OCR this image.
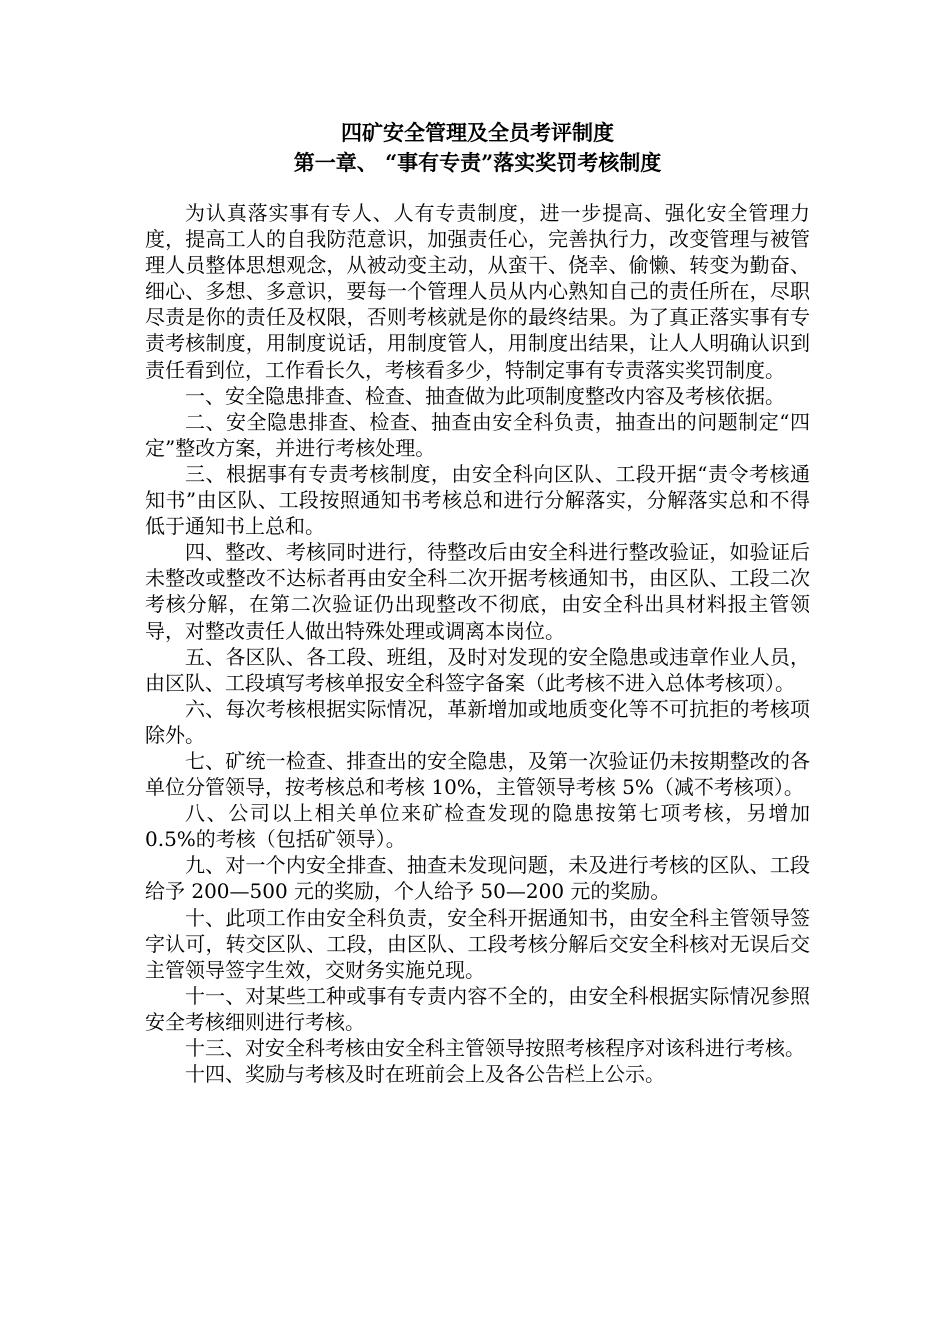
四矿安全管理及全员考评制度
第一章、 “事有专责”落实奖罚考核制度

为认真落实事有专人、人有专责制度，进一步提高、强化安全管理力度，提高工人的自我防范意识，加强责任心，完善执行力，改变管理与被管理人员整体思想观念，从被动变主动，从蛮干、侥幸、偷懒、转变为勤奋、细心、多想、多意识，要每一个管理人员从内心熟知自己的责任所在，尽职尽责是你的责任及权限，否则考核就是你的最终结果。为了真正落实事有专责考核制度，用制度说话，用制度管人，用制度出结果，让人人明确认识到责任看到位，工作看长久，考核看多少，特制定事有专责落实奖罚制度。

一、安全隐患排查、检查、抽查做为此项制度整改内容及考核依据。

二、安全隐患排查、检查、抽查由安全科负责，抽查出的问题制定“四定”整改方案，并进行考核处理。

三、根据事有专责考核制度，由安全科向区队、工段开据“责令考核通知书”由区队、工段按照通知书考核总和进行分解落实，分解落实总和不得低于通知书上总和。

四、整改、考核同时进行，待整改后由安全科进行整改验证，如验证后未整改或整改不达标者再由安全科二次开据考核通知书，由区队、工段二次考核分解，在第二次验证仍出现整改不彻底，由安全科出具材料报主管领导，对整改责任人做出特殊处理或调离本岗位。

五、各区队、各工段、班组，及时对发现的安全隐患或违章作业人员，由区队、工段填写考核单报安全科签字备案（此考核不进入总体考核项）。

六、每次考核根据实际情况，革新增加或地质变化等不可抗拒的考核项除外。

七、矿统一检查、排查出的安全隐患，及第一次验证仍未按期整改的各单位分管领导，按考核总和考核 10%，主管领导考核 5%（减不考核项）。

八、公司以上相关单位来矿检查发现的隐患按第七项考核，另增加 0.5%的考核（包括矿领导）。

九、对一个内安全排查、抽查未发现问题，未及进行考核的区队、工段给予 200—500 元的奖励，个人给予 50—200 元的奖励。

十、此项工作由安全科负责，安全科开据通知书，由安全科主管领导签字认可，转交区队、工段，由区队、工段考核分解后交安全科核对无误后交主管领导签字生效，交财务实施兑现。

十一、对某些工种或事有专责内容不全的，由安全科根据实际情况参照安全考核细则进行考核。

十三、对安全科考核由安全科主管领导按照考核程序对该科进行考核。

十四、奖励与考核及时在班前会上及各公告栏上公示。
